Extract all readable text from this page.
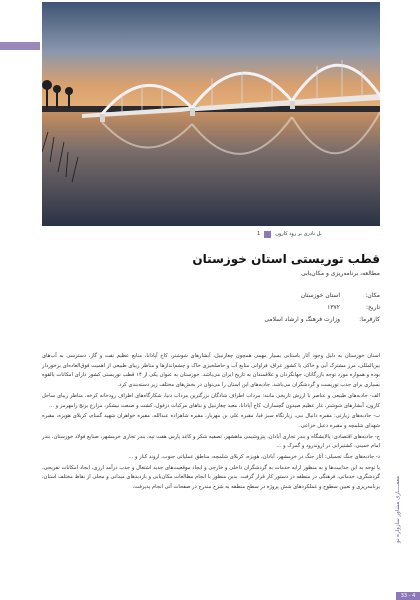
پل نادری بر رود کارون
1
قطب توریستی استان خوزستان

مطالعه، برنامه‌ریزی و مکان‌یابی

مکان:
استان خوزستان
تاریخ:
۱۳۷۲
کارفرما:
وزارت فرهنگ و ارشاد اسلامی

استان خوزستان به دلیل وجود آثار باستانی بسیار مهمی همچون چغازنبیل، آبشارهای شوشتر، کاخ آپادانا، منابع عظیم نفت و گاز، دسترسی به آب‌های بین‌المللی، مرز مشترک آبی و خاکی با کشور عراق، فراوانی منابع آب و حاصلخیزی خاک و چشم‌اندازها و مناظر زیبای طبیعی از اهمیت فوق‌العاده‌ای برخوردار بوده و همواره مورد توجه بازرگانان، جهانگردان و علاقمندان به تاریخ ایران می‌باشد. خوزستان به عنوان یکی از ۱۴ قطب توریستی کشور دارای امکانات بالقوه بسیاری برای جذب توریست و گردشگران می‌باشد. جاذبه‌های این استان را می‌توان در بخش‌های مختلف زیر دسته‌بندی کرد.

الف- جاذبه‌های طبیعی و عناصر با ارزش تاریخی مانند: مرداب اطراف شادگان بزرگترین مرداب دنیا، شکارگاه‌های اطراف رودخانه کرخه، مناظر زیبای ساحل کارون، آبشارهای شوشتر، غار عظیم صیدون گچساران، کاخ آپادانا، معبد چغازنبیل و بناهای مرکبات دزفول، کشت و صنعت نیشکر، مزارع برنج رامهرمز و ...

ب- جاذبه‌های زیارتی: مقبره دانیال نبی، زیارتگاه سبز قبا، مقبره علی بن مهزیار، مقبره شاهزاده عبدالله، مقبره خواهران شهید گمنام، کربلای هویزه، مقبره شهدای شلمچه و مقبره دعبل خزاعی.

ج- جاذبه‌های اقتصادی: پالایشگاه و بندر تجاری آبادان، پتروشیمی ماهشهر، تصفیه شکر و کاغذ پارس هفت تپه، بندر تجاری خرمشهر، صنایع فولاد خوزستان، بندر امام خمینی، کشتیرانی در اروندرود و گمرک و ...

د- جاذبه‌های جنگ تحمیلی: آثار جنگ در خرمشهر، آبادان، هویزه، کربلای شلمچه، مناطق عملیاتی جنوب، اروند کنار و ...

با توجه به این جذابیت‌ها و به منظور ارایه خدمات به گردشگران داخلی و خارجی و ایجاد موقعیت‌های جدید اشتغال و جذب درآمد ارزی، ایجاد امکانات تفریحی، گردشگری، خدماتی، فرهنگی در منطقه در دستور کار قرار گرفت. بدین منظور با انجام مطالعات مکان‌یابی و بازدیدهای میدانی و محلی از نقاط مختلف استان، برنامه‌ریزی و تعیین سطوح و عملکردهای شش پروژه در سطح منطقه به شرح مندرج در صفحات آتی انجام پذیرفت.	معمــــاری مشاور سازواره نو
33 - 4
